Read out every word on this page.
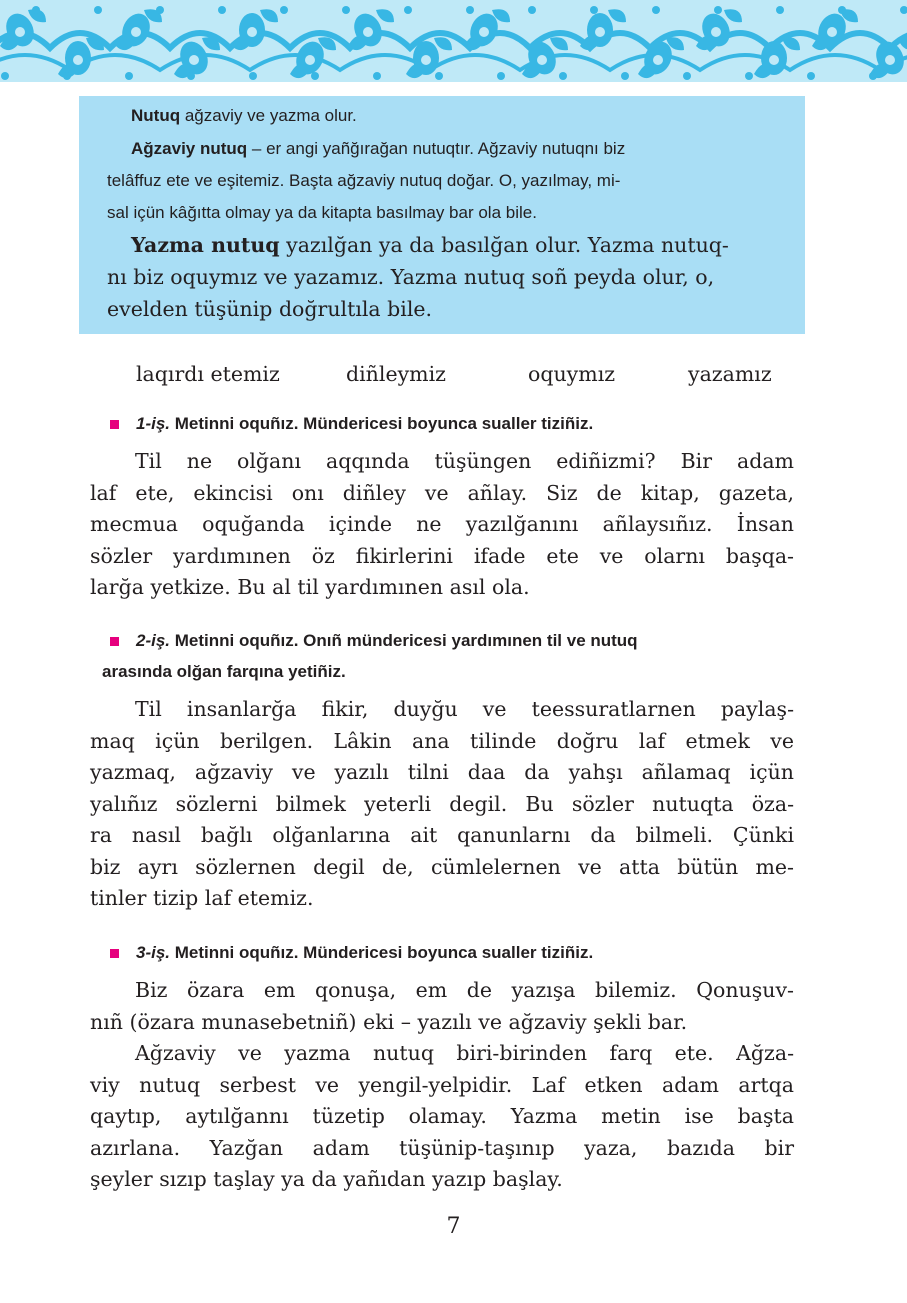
Nutuq ağzaviy ve yazma olur.
Ağzaviy nutuq – er angi yañğırağan nutuqtır. Ağzaviy nutuqnı biz
telâffuz ete ve eşitemiz. Başta ağzaviy nutuq doğar. O, yazılmay, mi-
sal içün kâğıtta olmay ya da kitapta basılmay bar ola bile.
Yazma nutuq yazılğan ya da basılğan olur. Yazma nutuq-
nı biz oquymız ve yazamız. Yazma nutuq soñ peyda olur, o,
evelden tüşünip doğrultıla bile.
laqırdı etemiz	diñleymiz	oquymız	yazamız
1-iş. Metinni oquñız. Mündericesi boyunca sualler tiziñiz.
Til ne olğanı aqqında tüşüngen ediñizmi? Bir adam
laf ete, ekincisi onı diñley ve añlay. Siz de kitap, gazeta,
mecmua oquğanda içinde ne yazılğanını añlaysıñız. İnsan
sözler yardımınen öz fikirlerini ifade ete ve olarnı başqa-
larğa yetkize. Bu al til yardımınen asıl ola.
2-iş. Metinni oquñız. Onıñ mündericesi yardımınen til ve nutuq
arasında olğan farqına yetiñiz.
Til insanlarğa fikir, duyğu ve teessuratlarnen paylaş-
maq içün berilgen. Lâkin ana tilinde doğru laf etmek ve
yazmaq, ağzaviy ve yazılı tilni daa da yahşı añlamaq içün
yalıñız sözlerni bilmek yeterli degil. Bu sözler nutuqta öza-
ra nasıl bağlı olğanlarına ait qanunlarnı da bilmeli. Çünki
biz ayrı sözlernen degil de, cümlelernen ve atta bütün me-
tinler tizip laf etemiz.
3-iş. Metinni oquñız. Mündericesi boyunca sualler tiziñiz.
Biz özara em qonuşa, em de yazışa bilemiz. Qonuşuv-
nıñ (özara munasebetniñ) eki – yazılı ve ağzaviy şekli bar.
Ağzaviy ve yazma nutuq biri-birinden farq ete. Ağza-
viy nutuq serbest ve yengil-yelpidir. Laf etken adam artqa
qaytıp, aytılğannı tüzetip olamay. Yazma metin ise başta
azırlana. Yazğan adam tüşünip-taşınıp yaza, bazıda bir
şeyler sızıp taşlay ya da yañıdan yazıp başlay.
7
